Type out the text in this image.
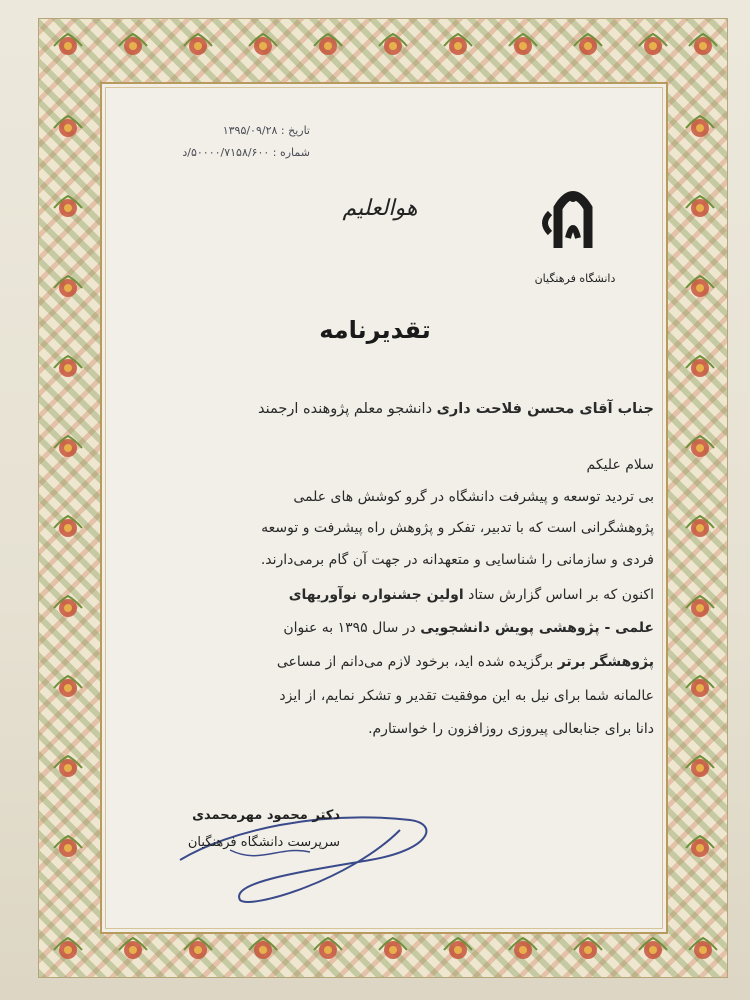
تاریخ : ۱۳۹۵/۰۹/۲۸
شماره : ۵۰۰۰۰/۷۱۵۸/۶۰۰/د
دانشگاه فرهنگیان
هوالعلیم
تقدیرنامه
جناب آقای محسن فلاحت داری دانشجو معلم پژوهنده ارجمند
سلام علیکم
بی تردید توسعه و پیشرفت دانشگاه در گرو کوشش های علمی
پژوهشگرانی است که با تدبیر، تفکر و پژوهش راه پیشرفت و توسعه
فردی و سازمانی را شناسایی و متعهدانه در جهت آن گام برمی‌دارند.
اکنون که بر اساس گزارش ستاد اولین جشنواره نوآوریهای
علمی - پژوهشی پویش دانشجویی در سال ۱۳۹۵ به عنوان
پژوهشگر برتر برگزیده شده اید، برخود لازم می‌دانم از مساعی
عالمانه شما برای نیل به این موفقیت تقدیر و تشکر نمایم، از ایزد
دانا برای جنابعالی پیروزی روزافزون را خواستارم.
دکتر محمود مهرمحمدی
سرپرست دانشگاه فرهنگیان
